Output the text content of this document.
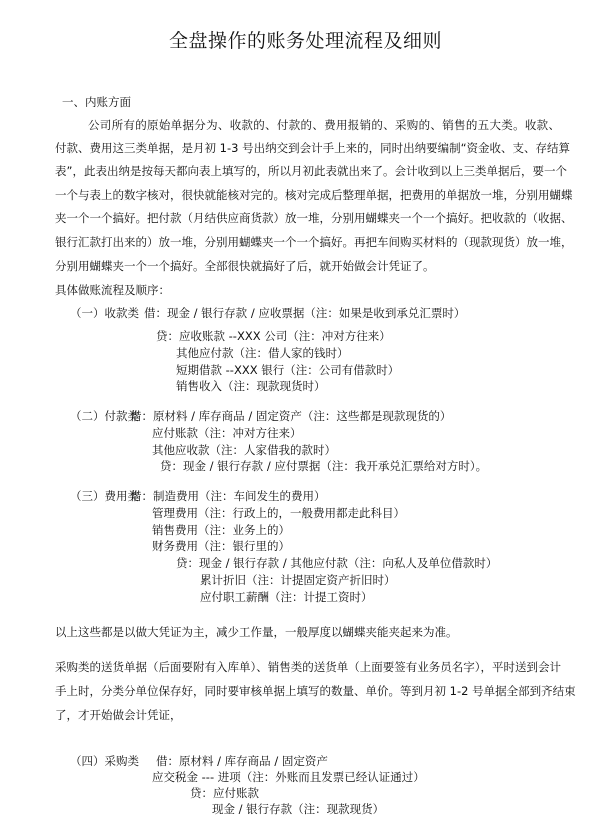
全盘操作的账务处理流程及细则
一、内账方面
公司所有的原始单据分为、收款的、付款的、费用报销的、采购的、销售的五大类。收款、
付款、费用这三类单据，是月初 1-3 号出纳交到会计手上来的，同时出纳要编制“资金收、支、存结算
表”，此表出纳是按每天都向表上填写的，所以月初此表就出来了。会计收到以上三类单据后，要一个
一个与表上的数字核对，很快就能核对完的。核对完成后整理单据，把费用的单据放一堆，分别用蝴蝶
夹一个一个搞好。把付款（月结供应商货款）放一堆，分别用蝴蝶夹一个一个搞好。把收款的（收据、
银行汇款打出来的）放一堆，分别用蝴蝶夹一个一个搞好。再把车间购买材料的（现款现货）放一堆，
分别用蝴蝶夹一个一个搞好。全部很快就搞好了后，就开始做会计凭证了。
具体做账流程及顺序：
（一）收款类 借：现金 / 银行存款 / 应收票据（注：如果是收到承兑汇票时）
贷：应收账款 --XXX 公司（注：冲对方往来）
其他应付款（注：借人家的钱时）
短期借款 --XXX 银行（注：公司有借款时）
销售收入（注：现款现货时）
（二）付款类
借：原材料 / 库存商品 / 固定资产（注：这些都是现款现货的）
应付账款（注：冲对方往来）
其他应收款（注：人家借我的款时）
贷：现金 / 银行存款 / 应付票据（注：我开承兑汇票给对方时）。
（三）费用类
借：制造费用（注：车间发生的费用）
管理费用（注：行政上的，一般费用都走此科目）
销售费用（注：业务上的）
财务费用（注：银行里的）
贷：现金 / 银行存款 / 其他应付款（注：向私人及单位借款时）
累计折旧（注：计提固定资产折旧时）
应付职工薪酬（注：计提工资时）
以上这些都是以做大凭证为主，减少工作量，一般厚度以蝴蝶夹能夹起来为准。
采购类的送货单据（后面要附有入库单）、销售类的送货单（上面要签有业务员名字），平时送到会计
手上时，分类分单位保存好，同时要审核单据上填写的数量、单价。等到月初 1-2 号单据全部到齐结束
了，才开始做会计凭证，
（四）采购类 借：原材料 / 库存商品 / 固定资产
应交税金 --- 进项（注：外账而且发票已经认证通过）
贷：应付账款
现金 / 银行存款（注：现款现货）
